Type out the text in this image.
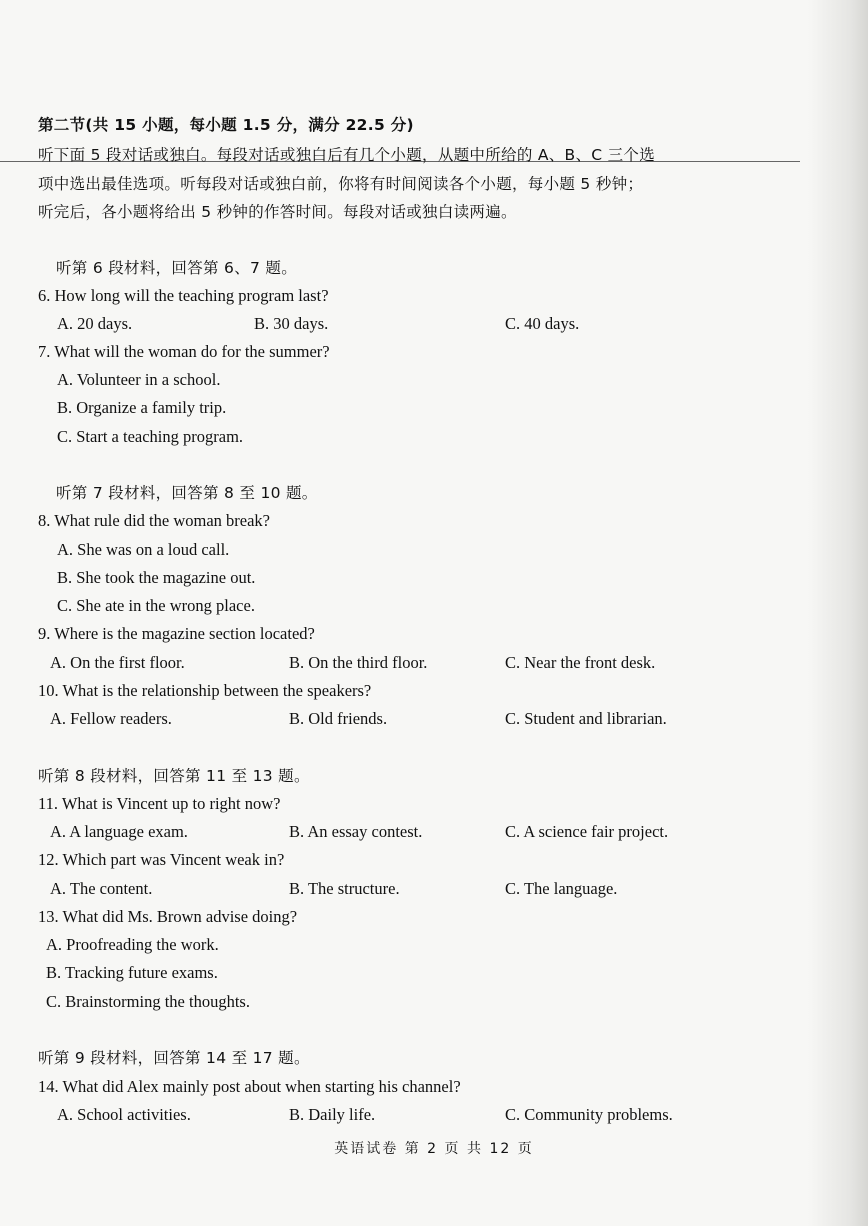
第二节(共 15 小题，每小题 1.5 分，满分 22.5 分)
听下面 5 段对话或独白。每段对话或独白后有几个小题，从题中所给的 A、B、C 三个选
项中选出最佳选项。听每段对话或独白前，你将有时间阅读各个小题，每小题 5 秒钟；
听完后，各小题将给出 5 秒钟的作答时间。每段对话或独白读两遍。
听第 6 段材料，回答第 6、7 题。
6. How long will the teaching program last?
A. 20 days.	B. 30 days.	C. 40 days.
7. What will the woman do for the summer?
A. Volunteer in a school.
B. Organize a family trip.
C. Start a teaching program.
听第 7 段材料，回答第 8 至 10 题。
8. What rule did the woman break?
A. She was on a loud call.
B. She took the magazine out.
C. She ate in the wrong place.
9. Where is the magazine section located?
A. On the first floor.	B. On the third floor.	C. Near the front desk.
10. What is the relationship between the speakers?
A. Fellow readers.	B. Old friends.	C. Student and librarian.
听第 8 段材料，回答第 11 至 13 题。
11. What is Vincent up to right now?
A. A language exam.	B. An essay contest.	C. A science fair project.
12. Which part was Vincent weak in?
A. The content.	B. The structure.	C. The language.
13. What did Ms. Brown advise doing?
A. Proofreading the work.
B. Tracking future exams.
C. Brainstorming the thoughts.
听第 9 段材料，回答第 14 至 17 题。
14. What did Alex mainly post about when starting his channel?
A. School activities.	B. Daily life.	C. Community problems.
英语试卷 第 2 页 共 12 页
